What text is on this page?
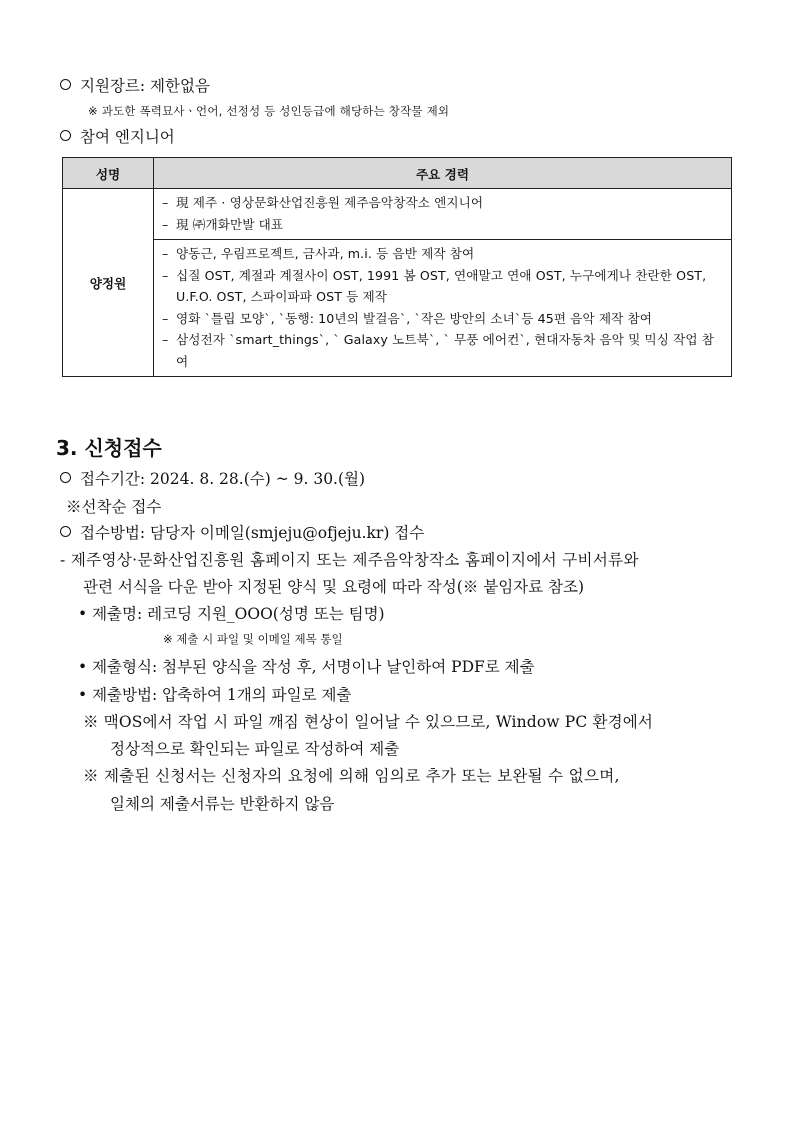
지원장르: 제한없음
※ 과도한 폭력묘사ㆍ언어, 선정성 등 성인등급에 해당하는 창작물 제외
참여 엔지니어
성명	주요 경력
양정원	– 現 제주 · 영상문화산업진흥원 제주음악창작소 엔지니어
– 現 ㈜개화만발 대표

	– 양동근, 우림프로젝트, 금사과, m.i. 등 음반 제작 참여
– 십질 OST, 계절과 계절사이 OST, 1991 봄 OST, 연애말고 연애 OST, 누구에게나 찬란한 OST, U.F.O. OST, 스파이파파 OST 등 제작
– 영화 `틀립 모양`, `동행: 10년의 발걸음`, `작은 방안의 소녀`등 45편 음악 제작 참여
– 삼성전자 `smart_things`, ` Galaxy 노트북`, ` 무풍 에어컨`, 현대자동차 음악 및 믹싱 작업 참여
3. 신청접수
접수기간: 2024. 8. 28.(수) ~ 9. 30.(월)
※선착순 접수
접수방법: 담당자 이메일(smjeju@ofjeju.kr) 접수
- 제주영상·문화산업진흥원 홈페이지 또는 제주음악창작소 홈페이지에서 구비서류와
관련 서식을 다운 받아 지정된 양식 및 요령에 따라 작성(※ 붙임자료 참조)
• 제출명: 레코딩 지원_OOO(성명 또는 팀명)
※ 제출 시 파일 및 이메일 제목 통일
• 제출형식: 첨부된 양식을 작성 후, 서명이나 날인하여 PDF로 제출
• 제출방법: 압축하여 1개의 파일로 제출
※ 맥OS에서 작업 시 파일 깨짐 현상이 일어날 수 있으므로, Window PC 환경에서
정상적으로 확인되는 파일로 작성하여 제출
※ 제출된 신청서는 신청자의 요청에 의해 임의로 추가 또는 보완될 수 없으며,
일체의 제출서류는 반환하지 않음
